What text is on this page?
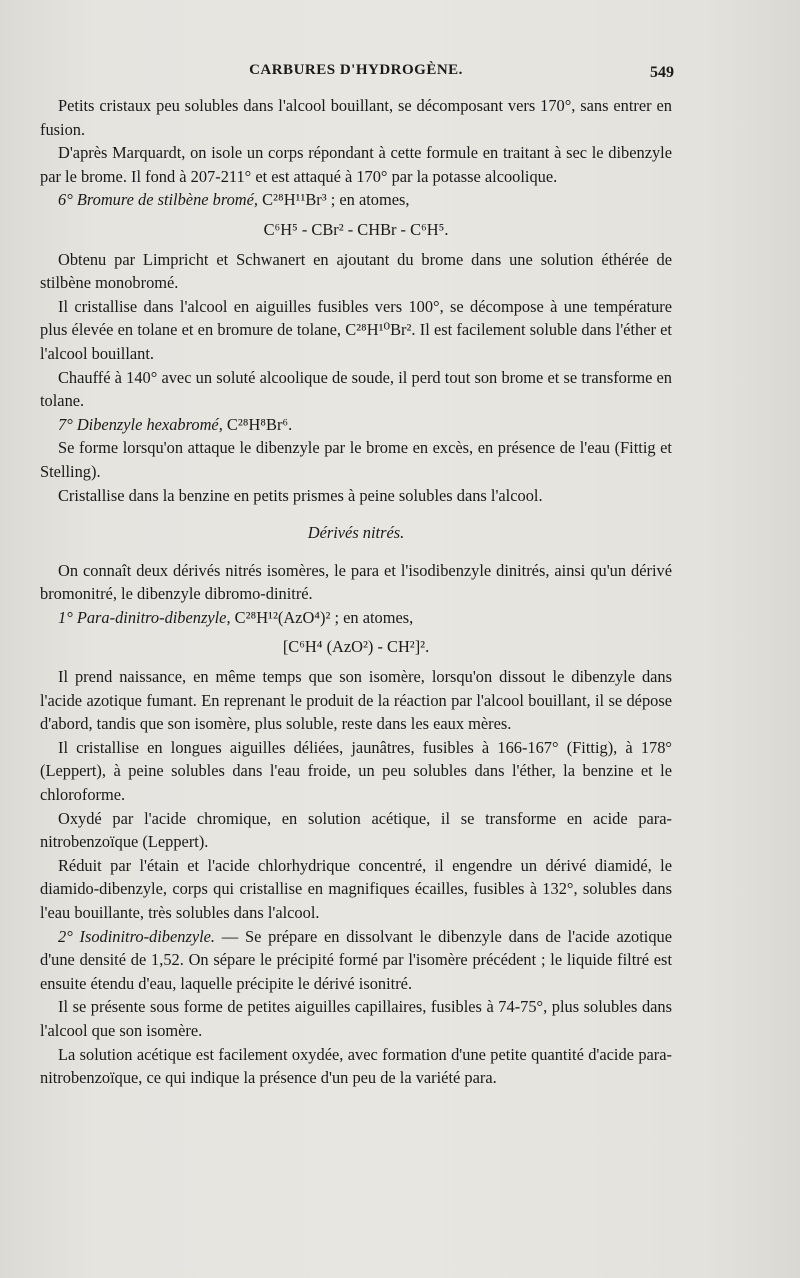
CARBURES D'HYDROGÈNE.	549

Petits cristaux peu solubles dans l'alcool bouillant, se décomposant vers 170°, sans entrer en fusion.

D'après Marquardt, on isole un corps répondant à cette formule en traitant à sec le dibenzyle par le brome. Il fond à 207-211° et est attaqué à 170° par la potasse alcoolique.

6° Bromure de stilbène bromé, C²⁸H¹¹Br³ ; en atomes,

C⁶H⁵ - CBr² - CHBr - C⁶H⁵.

Obtenu par Limpricht et Schwanert en ajoutant du brome dans une solution éthérée de stilbène monobromé.

Il cristallise dans l'alcool en aiguilles fusibles vers 100°, se décompose à une température plus élevée en tolane et en bromure de tolane, C²⁸H¹⁰Br². Il est facilement soluble dans l'éther et l'alcool bouillant.

Chauffé à 140° avec un soluté alcoolique de soude, il perd tout son brome et se transforme en tolane.

7° Dibenzyle hexabromé, C²⁸H⁸Br⁶.

Se forme lorsqu'on attaque le dibenzyle par le brome en excès, en présence de l'eau (Fittig et Stelling).

Cristallise dans la benzine en petits prismes à peine solubles dans l'alcool.

Dérivés nitrés.

On connaît deux dérivés nitrés isomères, le para et l'isodibenzyle dinitrés, ainsi qu'un dérivé bromonitré, le dibenzyle dibromo-dinitré.

1° Para-dinitro-dibenzyle, C²⁸H¹²(AzO⁴)² ; en atomes,

[C⁶H⁴ (AzO²) - CH²]².

Il prend naissance, en même temps que son isomère, lorsqu'on dissout le dibenzyle dans l'acide azotique fumant. En reprenant le produit de la réaction par l'alcool bouillant, il se dépose d'abord, tandis que son isomère, plus soluble, reste dans les eaux mères.

Il cristallise en longues aiguilles déliées, jaunâtres, fusibles à 166-167° (Fittig), à 178° (Leppert), à peine solubles dans l'eau froide, un peu solubles dans l'éther, la benzine et le chloroforme.

Oxydé par l'acide chromique, en solution acétique, il se transforme en acide para-nitrobenzoïque (Leppert).

Réduit par l'étain et l'acide chlorhydrique concentré, il engendre un dérivé diamidé, le diamido-dibenzyle, corps qui cristallise en magnifiques écailles, fusibles à 132°, solubles dans l'eau bouillante, très solubles dans l'alcool.

2° Isodinitro-dibenzyle. — Se prépare en dissolvant le dibenzyle dans de l'acide azotique d'une densité de 1,52. On sépare le précipité formé par l'isomère précédent ; le liquide filtré est ensuite étendu d'eau, laquelle précipite le dérivé isonitré.

Il se présente sous forme de petites aiguilles capillaires, fusibles à 74-75°, plus solubles dans l'alcool que son isomère.

La solution acétique est facilement oxydée, avec formation d'une petite quantité d'acide para-nitrobenzoïque, ce qui indique la présence d'un peu de la variété para.
